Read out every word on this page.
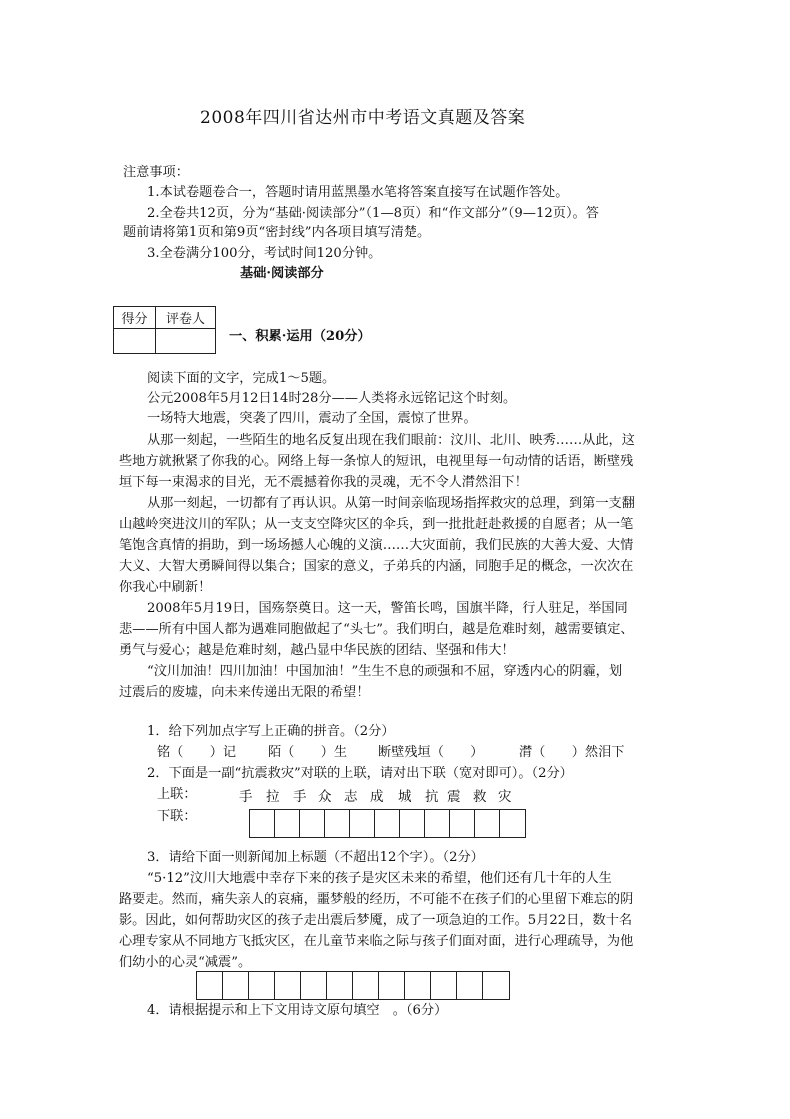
2008年四川省达州市中考语文真题及答案
注意事项：
1.本试卷题卷合一，答题时请用蓝黑墨水笔将答案直接写在试题作答处。
2.全卷共12页，分为“基础·阅读部分”（1—8页）和“作文部分”（9—12页）。答
题前请将第1页和第9页“密封线”内各项目填写清楚。
3.全卷满分100分，考试时间120分钟。
基础·阅读部分
得分	评卷人

一、积累·运用（20分）
阅读下面的文字，完成1～5题。
公元2008年5月12日14时28分——人类将永远铭记这个时刻。
一场特大地震，突袭了四川，震动了全国，震惊了世界。
从那一刻起，一些陌生的地名反复出现在我们眼前：汶川、北川、映秀……从此，这
些地方就揪紧了你我的心。网络上每一条惊人的短讯，电视里每一句动情的话语，断壁残
垣下每一束渴求的目光，无不震撼着你我的灵魂，无不令人潸然泪下！
从那一刻起，一切都有了再认识。从第一时间亲临现场指挥救灾的总理，到第一支翻
山越岭突进汶川的军队；从一支支空降灾区的伞兵，到一批批赶赴救援的自愿者；从一笔
笔饱含真情的捐助，到一场场撼人心魄的义演……大灾面前，我们民族的大善大爱、大情
大义、大智大勇瞬间得以集合；国家的意义，子弟兵的内涵，同胞手足的概念，一次次在
你我心中刷新！
2008年5月19日，国殇祭奠日。这一天，警笛长鸣，国旗半降，行人驻足，举国同
悲——所有中国人都为遇难同胞做起了“头七”。我们明白，越是危难时刻，越需要镇定、
勇气与爱心；越是危难时刻，越凸显中华民族的团结、坚强和伟大！
“汶川加油！四川加油！中国加油！”生生不息的顽强和不屈，穿透内心的阴霾，划
过震后的废墟，向未来传递出无限的希望！
1．给下列加点字写上正确的拼音。（2分）
铭（　　）记 陌（　　）生 断壁残垣（　　）	潸（　　）然泪下
2．下面是一副“抗震救灾”对联的上联，请对出下联（宽对即可）。（2分）
上联：	手 拉 手 众 志 成 城 抗 震 救 灾
下联：
3．请给下面一则新闻加上标题（不超出12个字）。（2分）
“5·12”汶川大地震中幸存下来的孩子是灾区未来的希望，他们还有几十年的人生
路要走。然而，痛失亲人的哀痛，噩梦般的经历，不可能不在孩子们的心里留下难忘的阴
影。因此，如何帮助灾区的孩子走出震后梦魇，成了一项急迫的工作。5月22日，数十名
心理专家从不同地方飞抵灾区，在儿童节来临之际与孩子们面对面，进行心理疏导，为他
们幼小的心灵“减震”。
4．请根据提示和上下文用诗文原句填空　。（6分）
